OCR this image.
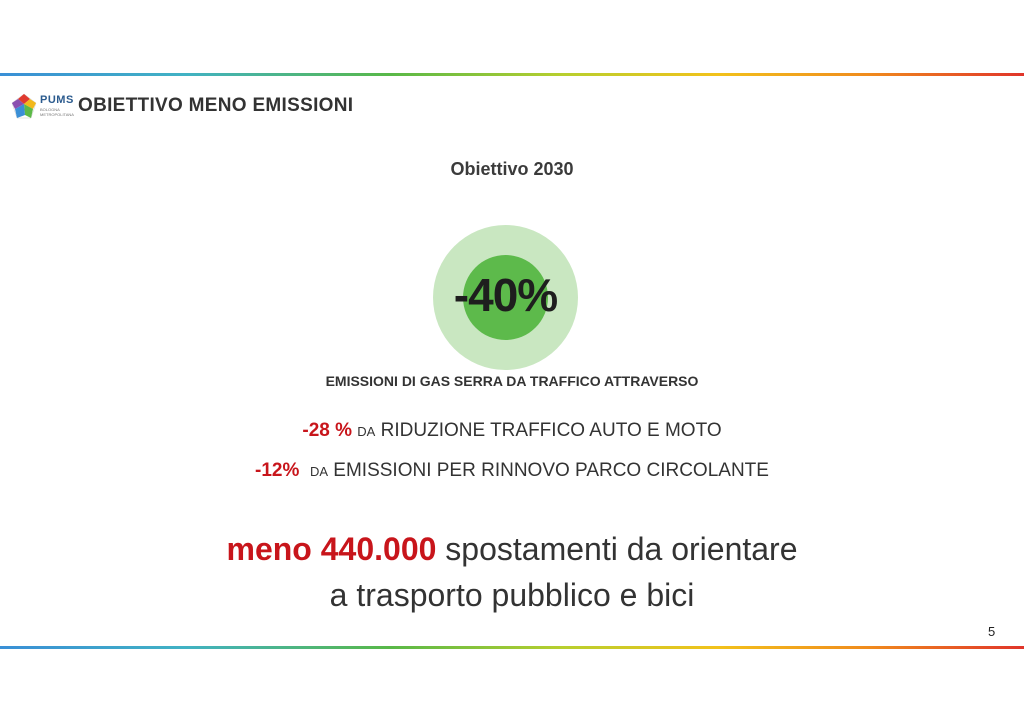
PUMS
BOLOGNA METROPOLITANA OBIETTIVO MENO EMISSIONI
Obiettivo 2030
-40%
EMISSIONI DI GAS SERRA DA TRAFFICO ATTRAVERSO
-28 % DA RIDUZIONE TRAFFICO AUTO E MOTO
-12% DA EMISSIONI PER RINNOVO PARCO CIRCOLANTE
meno 440.000 spostamenti da orientare
a trasporto pubblico e bici
5
